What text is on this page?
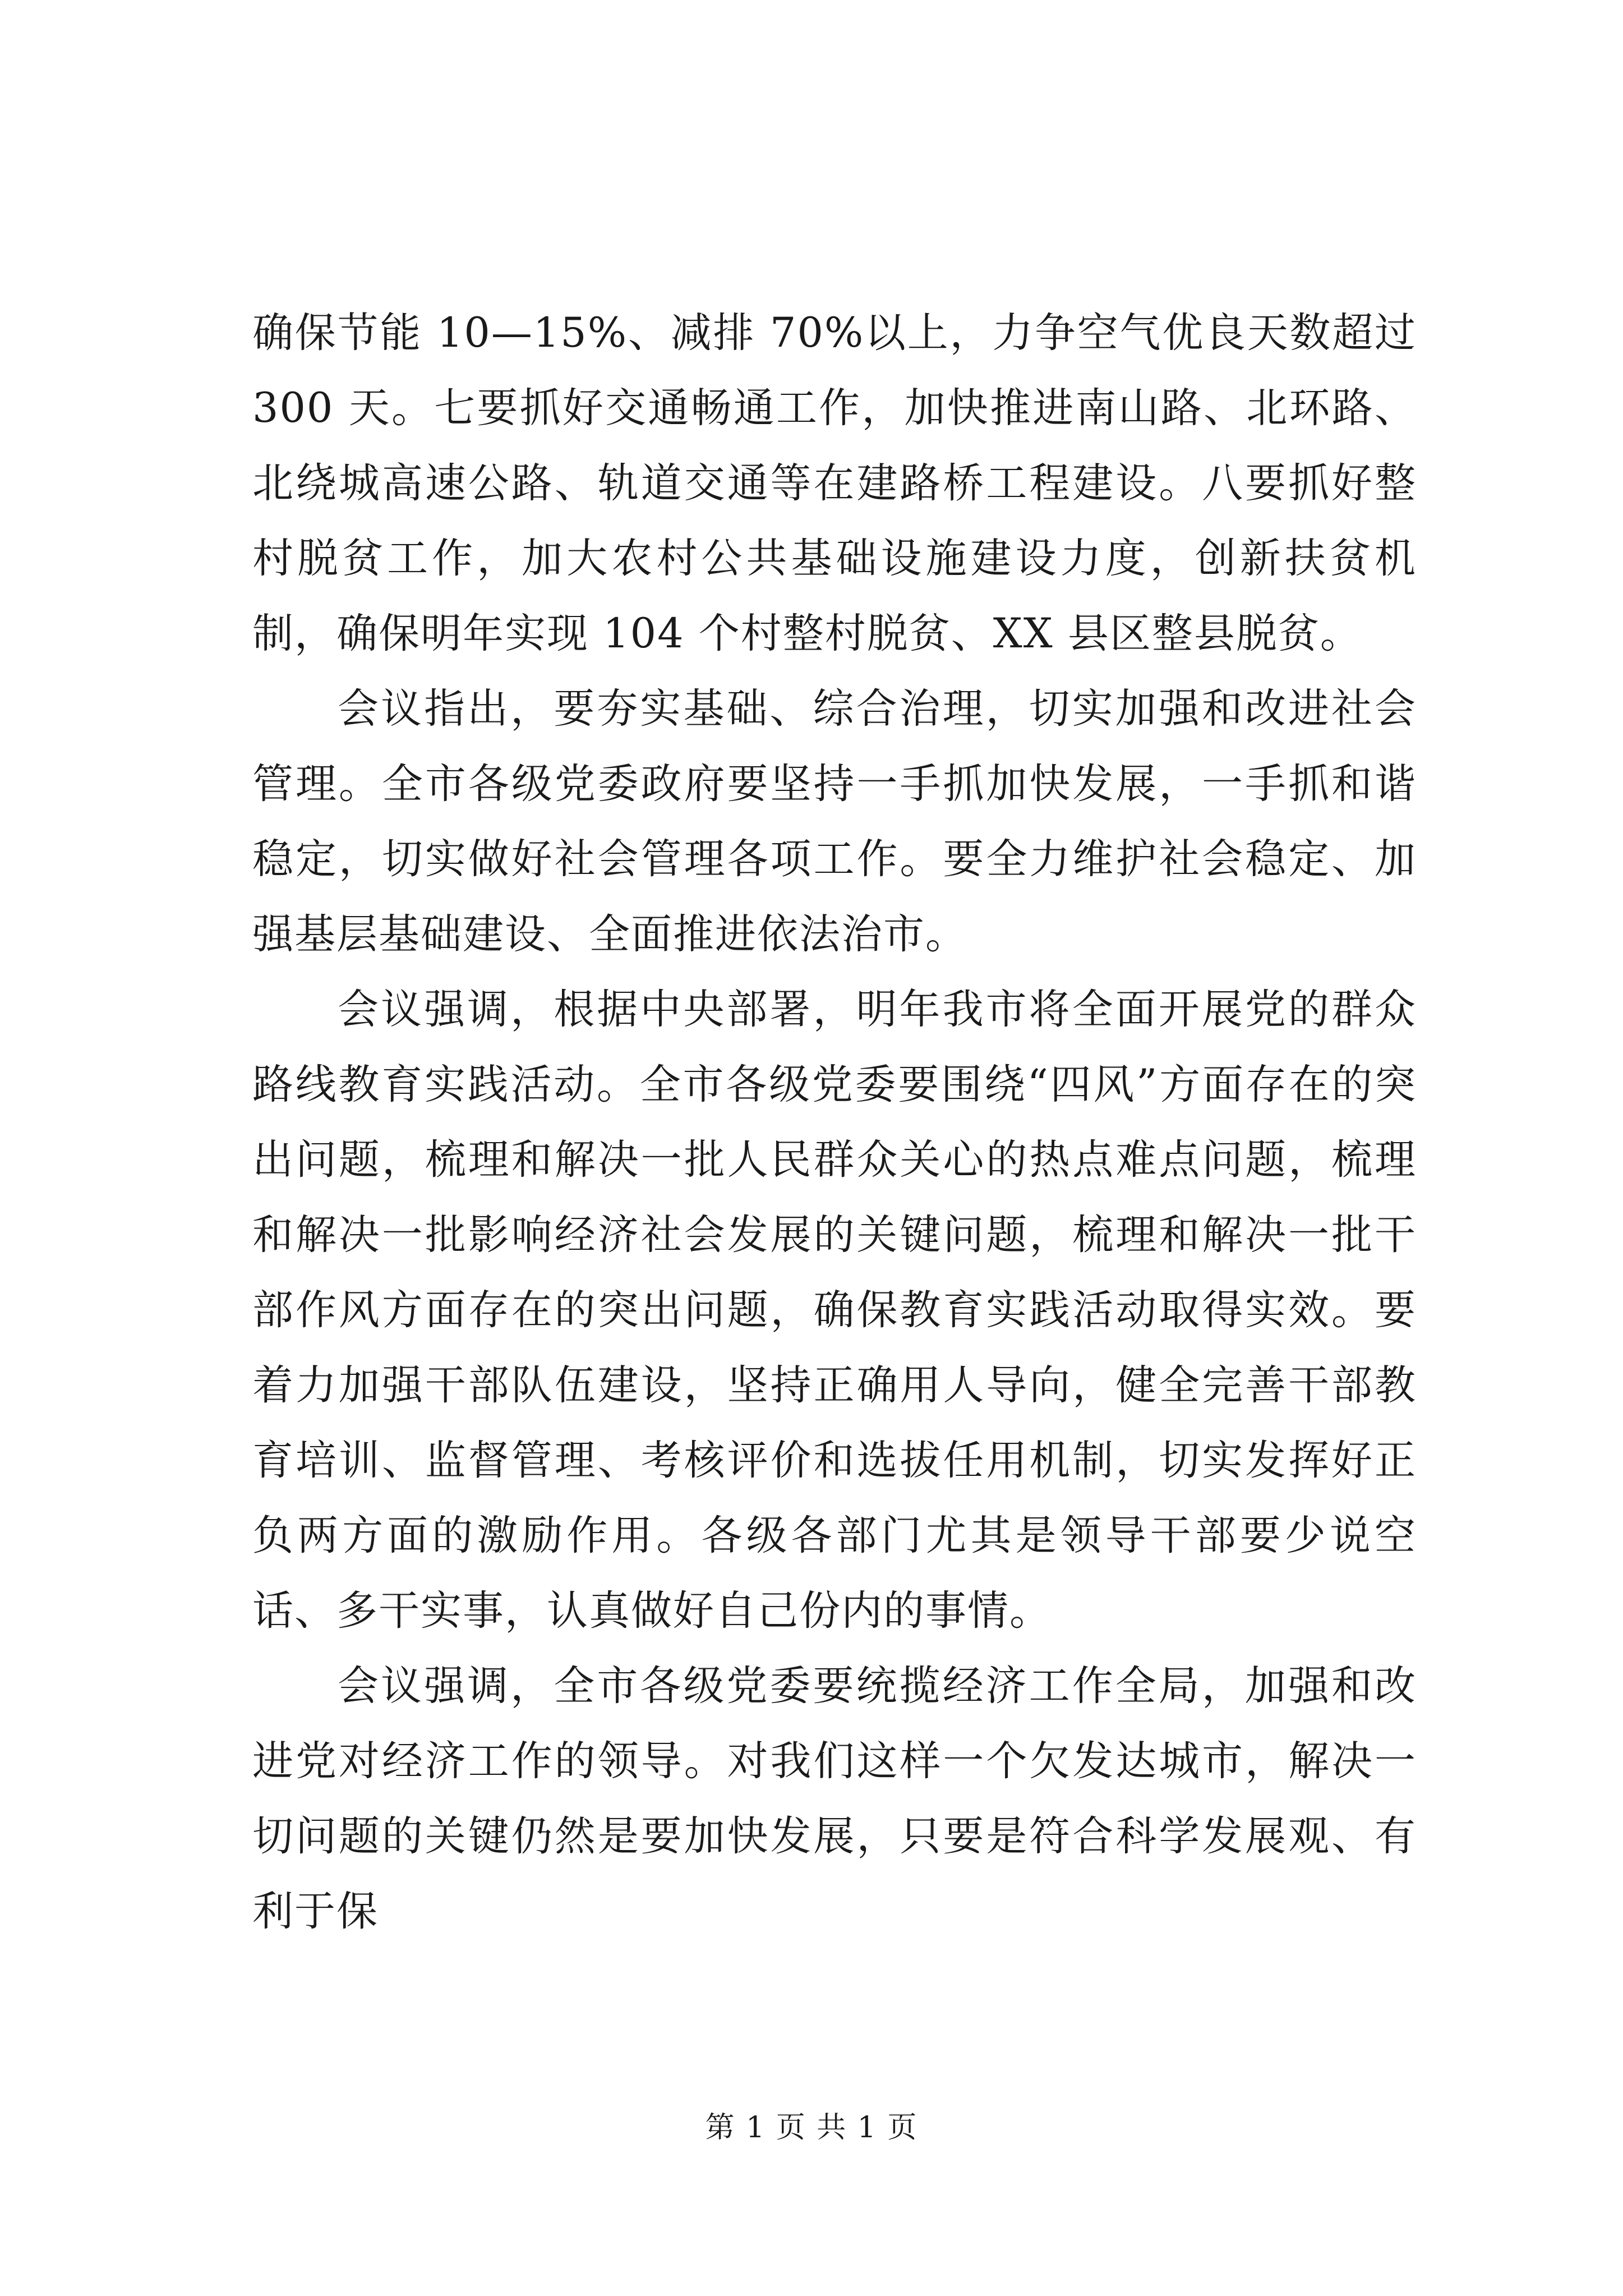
确保节能 10—15%、减排 70%以上，力争空气优良天数超过 300 天。七要抓好交通畅通工作，加快推进南山路、北环路、北绕城高速公路、轨道交通等在建路桥工程建设。八要抓好整村脱贫工作，加大农村公共基础设施建设力度，创新扶贫机制，确保明年实现 104 个村整村脱贫、XX 县区整县脱贫。

会议指出，要夯实基础、综合治理，切实加强和改进社会管理。全市各级党委政府要坚持一手抓加快发展，一手抓和谐稳定，切实做好社会管理各项工作。要全力维护社会稳定、加强基层基础建设、全面推进依法治市。

会议强调，根据中央部署，明年我市将全面开展党的群众路线教育实践活动。全市各级党委要围绕“四风”方面存在的突出问题，梳理和解决一批人民群众关心的热点难点问题，梳理和解决一批影响经济社会发展的关键问题，梳理和解决一批干部作风方面存在的突出问题，确保教育实践活动取得实效。要着力加强干部队伍建设，坚持正确用人导向，健全完善干部教育培训、监督管理、考核评价和选拔任用机制，切实发挥好正负两方面的激励作用。各级各部门尤其是领导干部要少说空话、多干实事，认真做好自己份内的事情。

会议强调，全市各级党委要统揽经济工作全局，加强和改进党对经济工作的领导。对我们这样一个欠发达城市，解决一切问题的关键仍然是要加快发展，只要是符合科学发展观、有利于保

第 1 页 共 1 页
